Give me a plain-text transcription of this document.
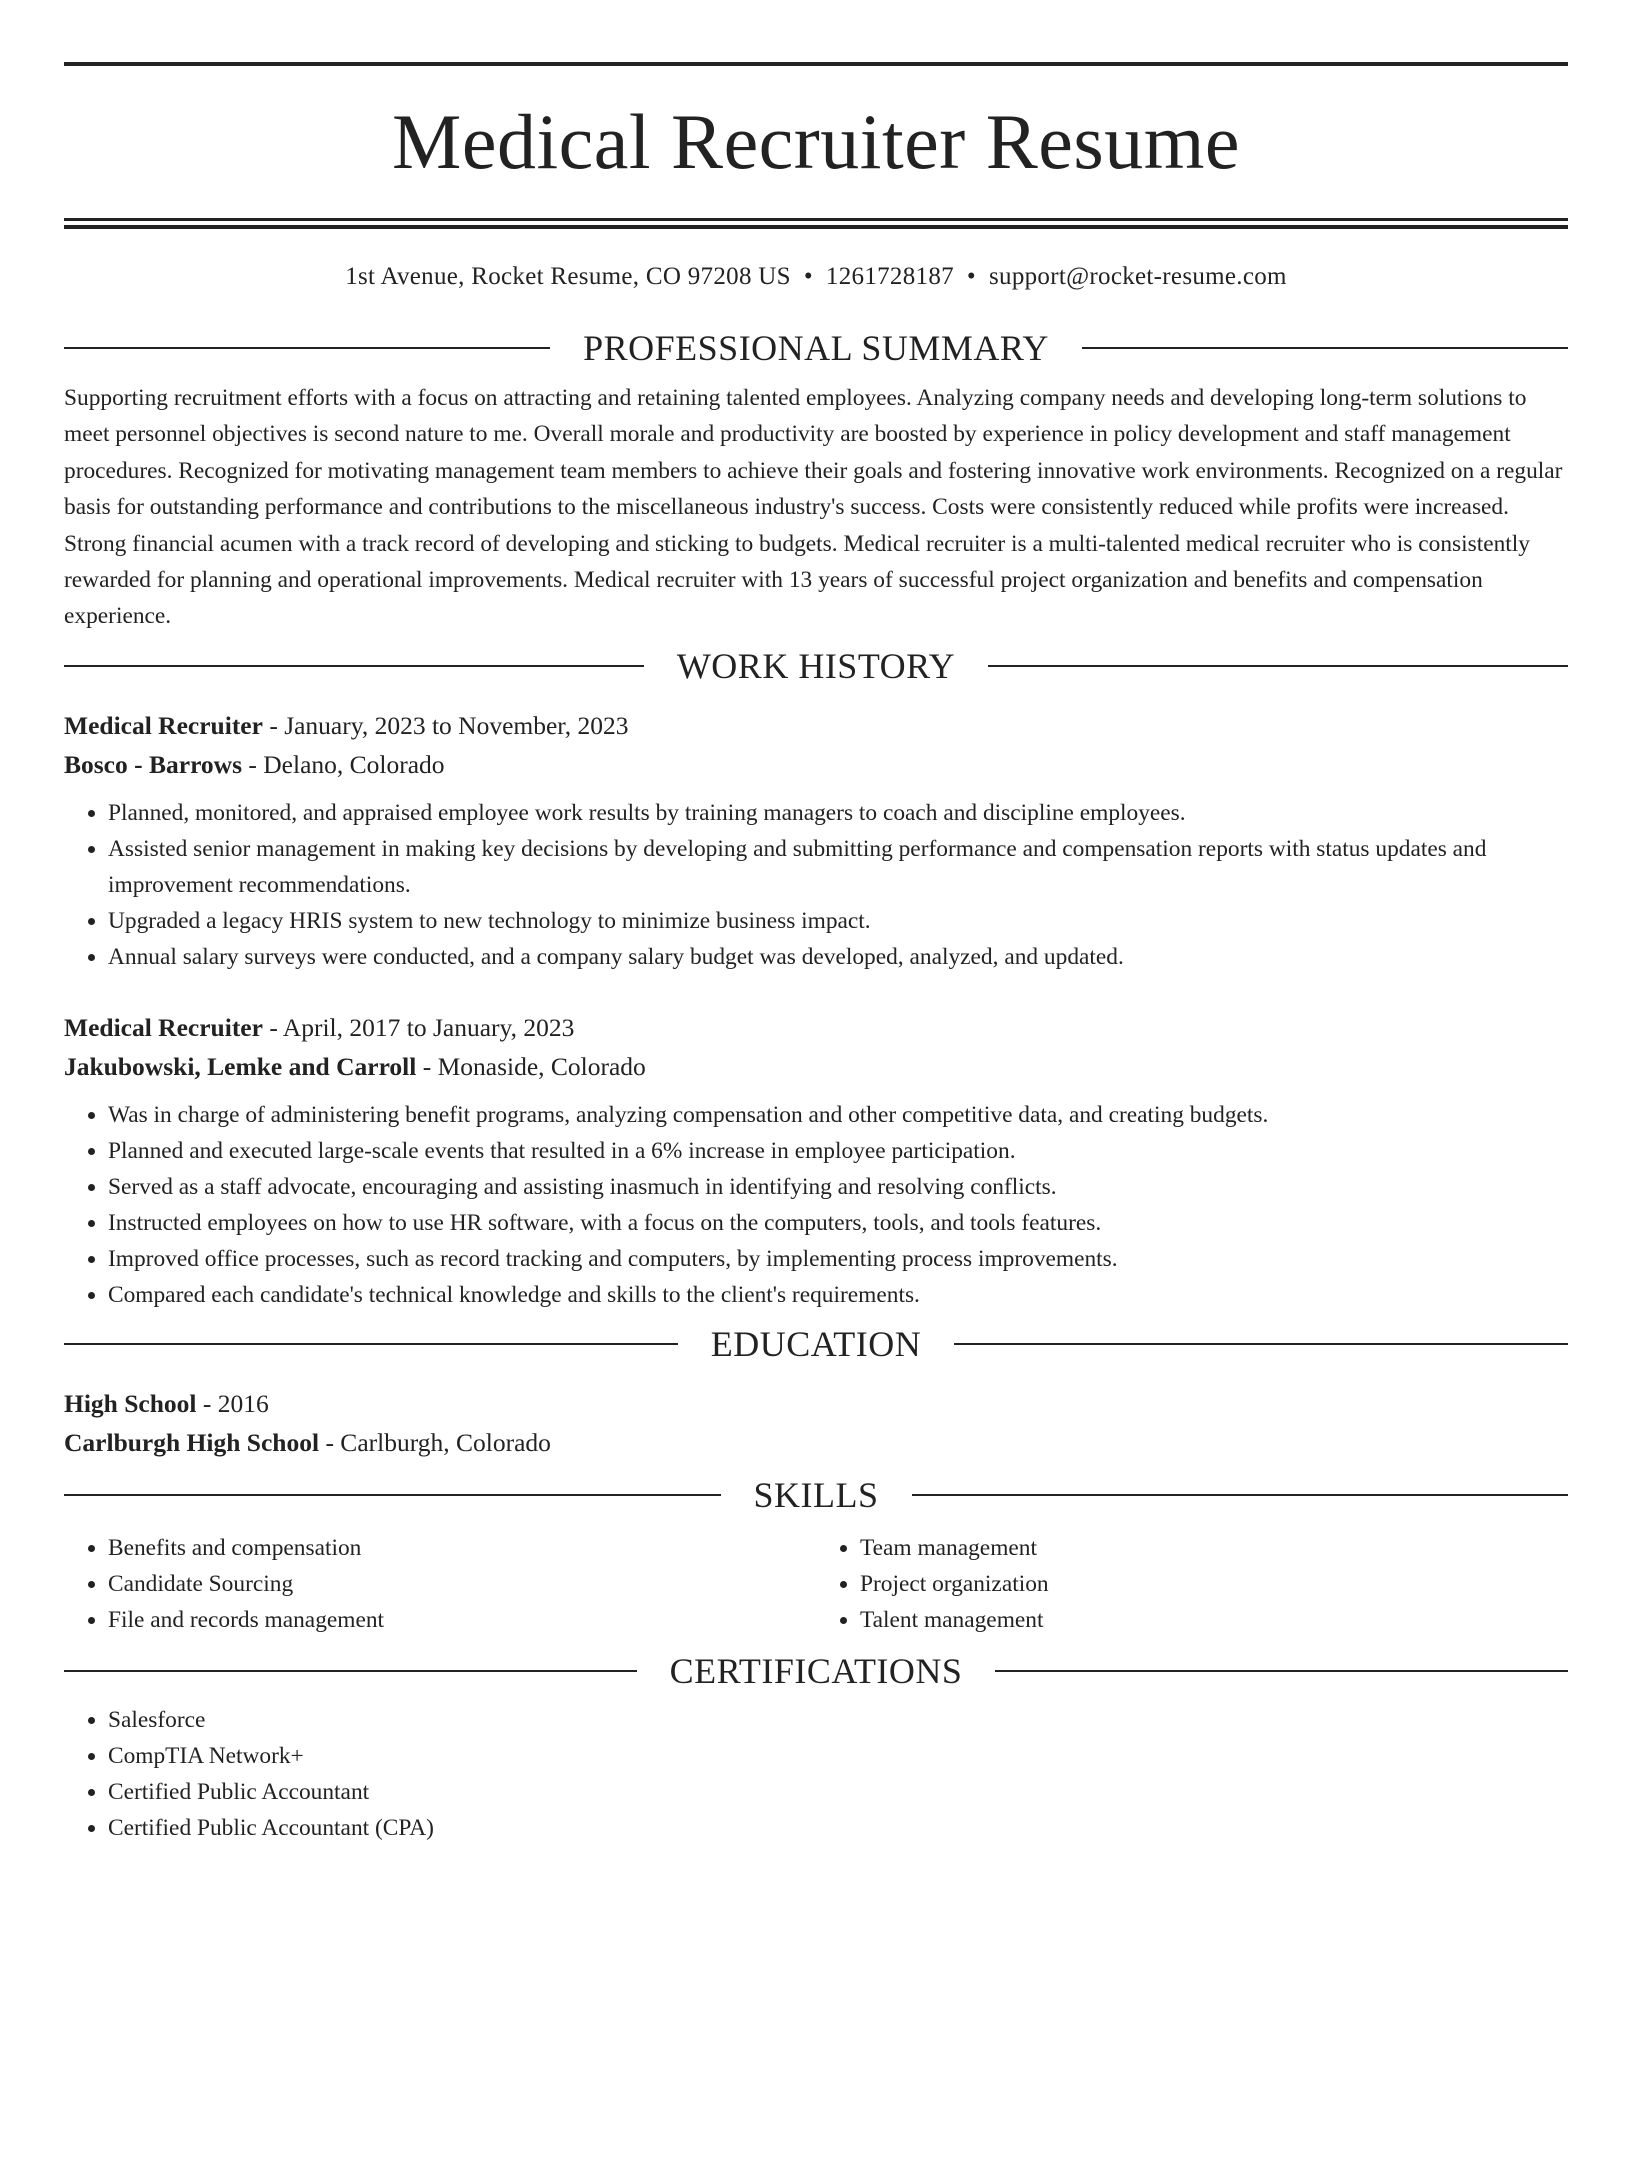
Medical Recruiter Resume
1st Avenue, Rocket Resume, CO 97208 US • 1261728187 • support@rocket-resume.com
PROFESSIONAL SUMMARY

Supporting recruitment efforts with a focus on attracting and retaining talented employees. Analyzing company needs and developing long-term solutions to meet personnel objectives is second nature to me. Overall morale and productivity are boosted by experience in policy development and staff management procedures. Recognized for motivating management team members to achieve their goals and fostering innovative work environments. Recognized on a regular basis for outstanding performance and contributions to the miscellaneous industry's success. Costs were consistently reduced while profits were increased. Strong financial acumen with a track record of developing and sticking to budgets. Medical recruiter is a multi-talented medical recruiter who is consistently rewarded for planning and operational improvements. Medical recruiter with 13 years of successful project organization and benefits and compensation experience.

WORK HISTORY
Medical Recruiter - January, 2023 to November, 2023
Bosco - Barrows - Delano, Colorado
• Planned, monitored, and appraised employee work results by training managers to coach and discipline employees.
• Assisted senior management in making key decisions by developing and submitting performance and compensation reports with status updates and improvement recommendations.
• Upgraded a legacy HRIS system to new technology to minimize business impact.
• Annual salary surveys were conducted, and a company salary budget was developed, analyzed, and updated.
Medical Recruiter - April, 2017 to January, 2023
Jakubowski, Lemke and Carroll - Monaside, Colorado
• Was in charge of administering benefit programs, analyzing compensation and other competitive data, and creating budgets.
• Planned and executed large-scale events that resulted in a 6% increase in employee participation.
• Served as a staff advocate, encouraging and assisting inasmuch in identifying and resolving conflicts.
• Instructed employees on how to use HR software, with a focus on the computers, tools, and tools features.
• Improved office processes, such as record tracking and computers, by implementing process improvements.
• Compared each candidate's technical knowledge and skills to the client's requirements.
EDUCATION
High School - 2016
Carlburgh High School - Carlburgh, Colorado
SKILLS
• Benefits and compensation
• Candidate Sourcing
• File and records management
• Team management
• Project organization
• Talent management
CERTIFICATIONS
• Salesforce
• CompTIA Network+
• Certified Public Accountant
• Certified Public Accountant (CPA)
